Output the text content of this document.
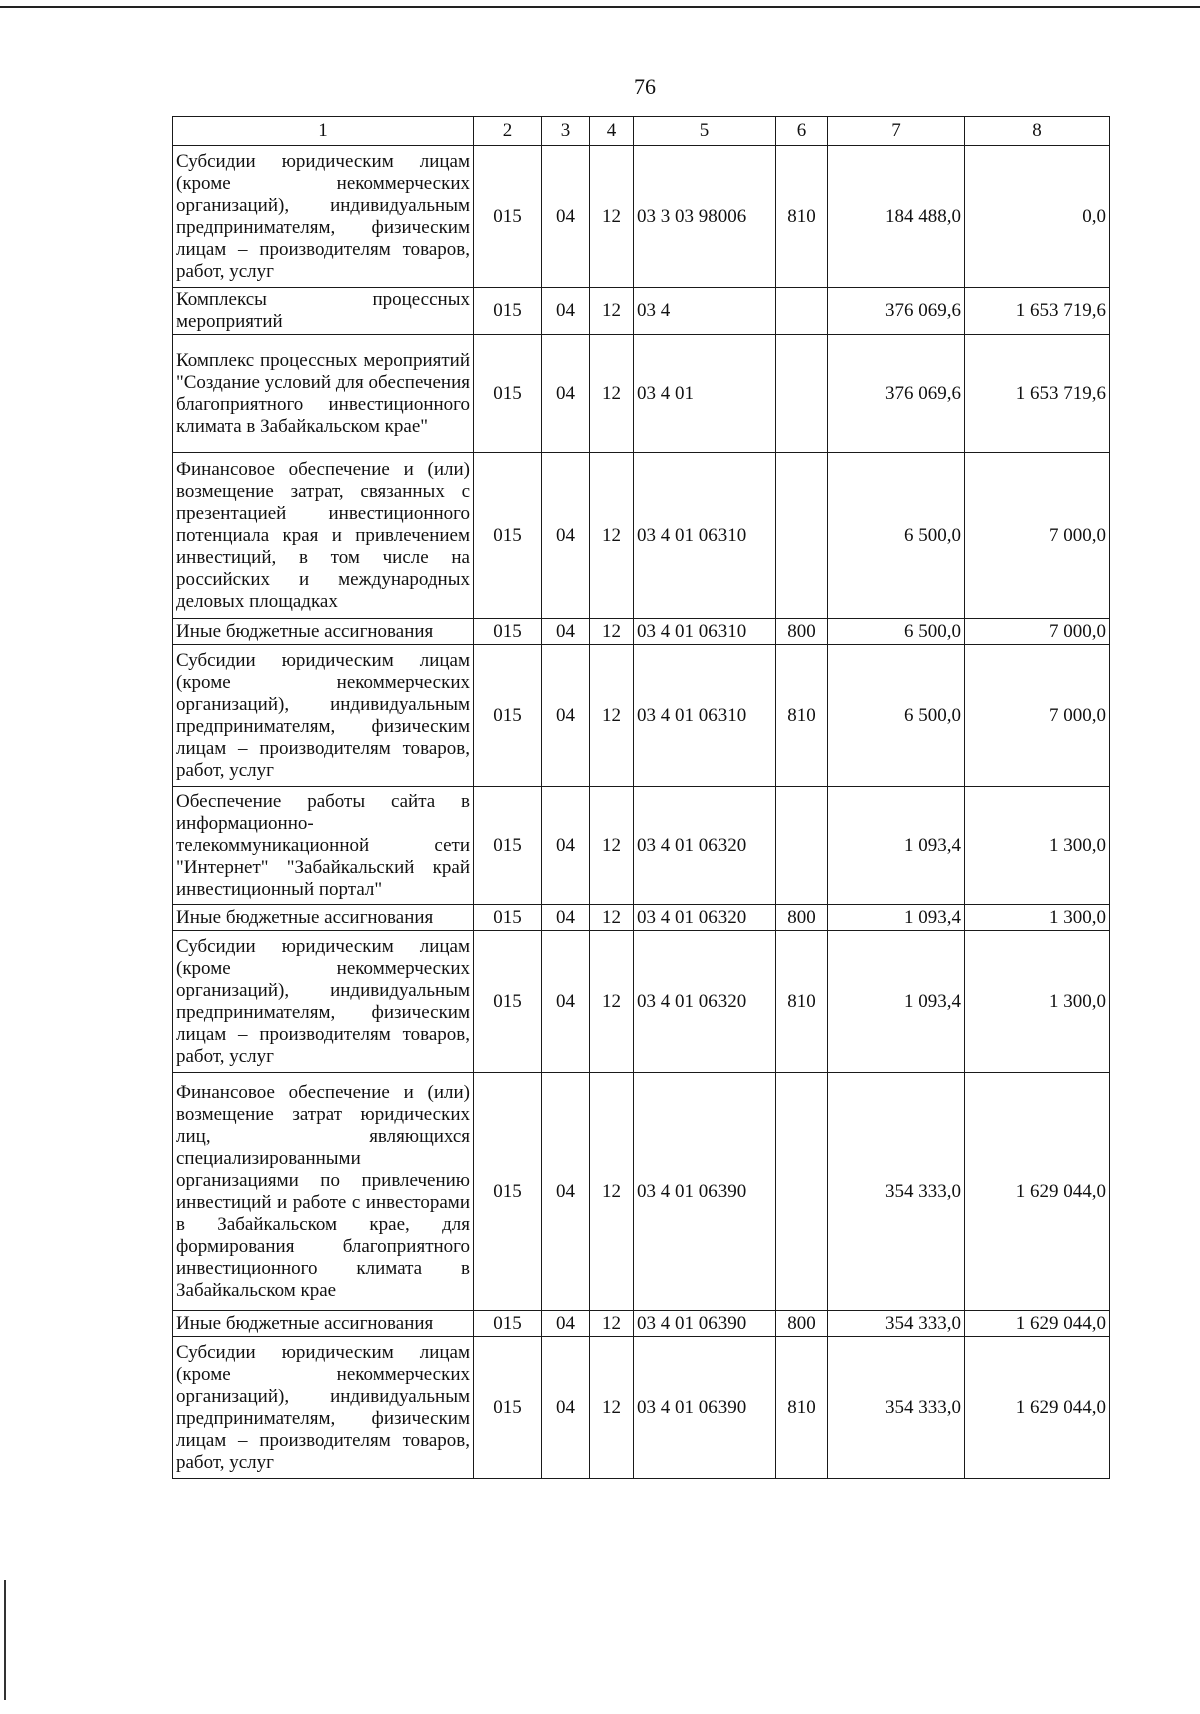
76
1	2	3	4	5	6	7	8
Субсидии юридическим лицам (кроме некоммерческих организаций), индивидуальным предпринимателям, физическим лицам – производителям товаров, работ, услуг	015	04	12	03 3 03 98006	810	184 488,0	0,0
Комплексы процессных мероприятий	015	04	12	03 4		376 069,6	1 653 719,6
Комплекс процессных мероприятий "Создание условий для обеспечения благоприятного инвестиционного климата в Забайкальском крае"	015	04	12	03 4 01		376 069,6	1 653 719,6
Финансовое обеспечение и (или) возмещение затрат, связанных с презентацией инвестиционного потенциала края и привлечением инвестиций, в том числе на российских и международных деловых площадках	015	04	12	03 4 01 06310		6 500,0	7 000,0
Иные бюджетные ассигнования	015	04	12	03 4 01 06310	800	6 500,0	7 000,0
Субсидии юридическим лицам (кроме некоммерческих организаций), индивидуальным предпринимателям, физическим лицам – производителям товаров, работ, услуг	015	04	12	03 4 01 06310	810	6 500,0	7 000,0
Обеспечение работы сайта в информационно-телекоммуникационной сети "Интернет" "Забайкальский край инвестиционный портал"	015	04	12	03 4 01 06320		1 093,4	1 300,0
Иные бюджетные ассигнования	015	04	12	03 4 01 06320	800	1 093,4	1 300,0
Субсидии юридическим лицам (кроме некоммерческих организаций), индивидуальным предпринимателям, физическим лицам – производителям товаров, работ, услуг	015	04	12	03 4 01 06320	810	1 093,4	1 300,0
Финансовое обеспечение и (или) возмещение затрат юридических лиц, являющихся специализированными организациями по привлечению инвестиций и работе с инвесторами в Забайкальском крае, для формирования благоприятного инвестиционного климата в Забайкальском крае	015	04	12	03 4 01 06390		354 333,0	1 629 044,0
Иные бюджетные ассигнования	015	04	12	03 4 01 06390	800	354 333,0	1 629 044,0
Субсидии юридическим лицам (кроме некоммерческих организаций), индивидуальным предпринимателям, физическим лицам – производителям товаров, работ, услуг	015	04	12	03 4 01 06390	810	354 333,0	1 629 044,0
